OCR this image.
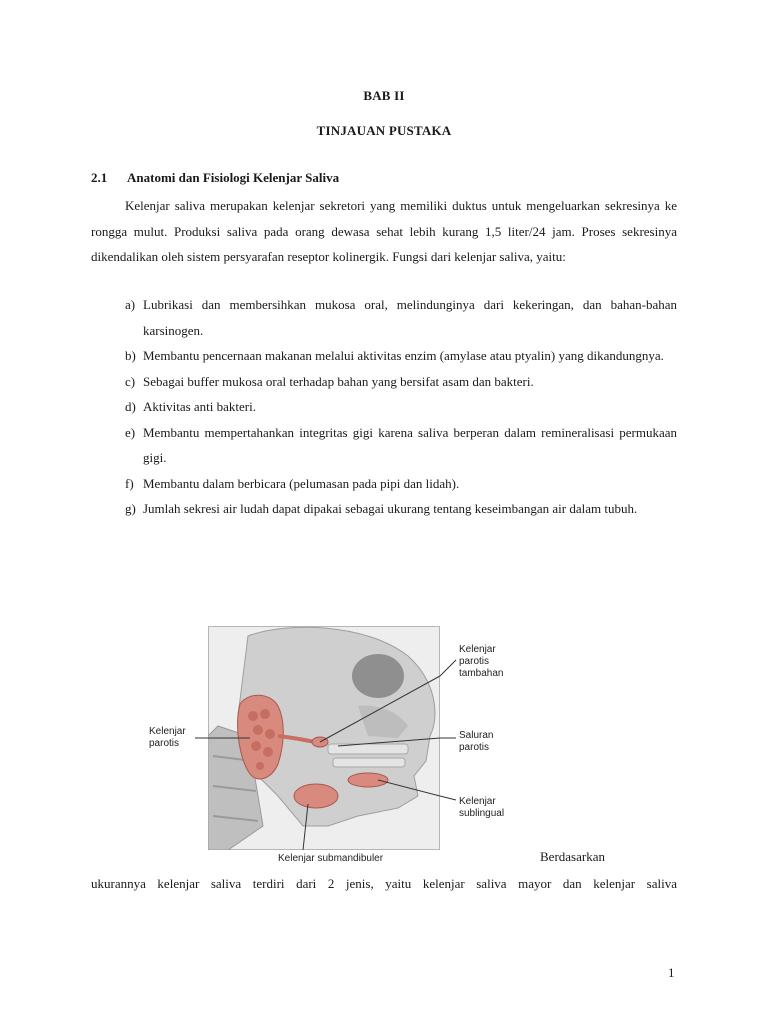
BAB II
TINJAUAN PUSTAKA
2.1 Anatomi dan Fisiologi Kelenjar Saliva
Kelenjar saliva merupakan kelenjar sekretori yang memiliki duktus untuk mengeluarkan sekresinya ke rongga mulut. Produksi saliva pada orang dewasa sehat lebih kurang 1,5 liter/24 jam. Proses sekresinya dikendalikan oleh sistem persyarafan reseptor kolinergik. Fungsi dari kelenjar saliva, yaitu:
a) Lubrikasi dan membersihkan mukosa oral, melindunginya dari kekeringan, dan bahan-bahan karsinogen.
b) Membantu pencernaan makanan melalui aktivitas enzim (amylase atau ptyalin) yang dikandungnya.
c) Sebagai buffer mukosa oral terhadap bahan yang bersifat asam dan bakteri.
d) Aktivitas anti bakteri.
e) Membantu mempertahankan integritas gigi karena saliva berperan dalam remineralisasi permukaan gigi.
f) Membantu dalam berbicara (pelumasan pada pipi dan lidah).
g) Jumlah sekresi air ludah dapat dipakai sebagai ukurang tentang keseimbangan air dalam tubuh.
Kelenjar
parotis
tambahan
Kelenjar
parotis
Saluran
parotis
Kelenjar
sublingual
Kelenjar submandibuler	Berdasarkan
ukurannya kelenjar saliva terdiri dari 2 jenis, yaitu kelenjar saliva mayor dan kelenjar saliva
1
